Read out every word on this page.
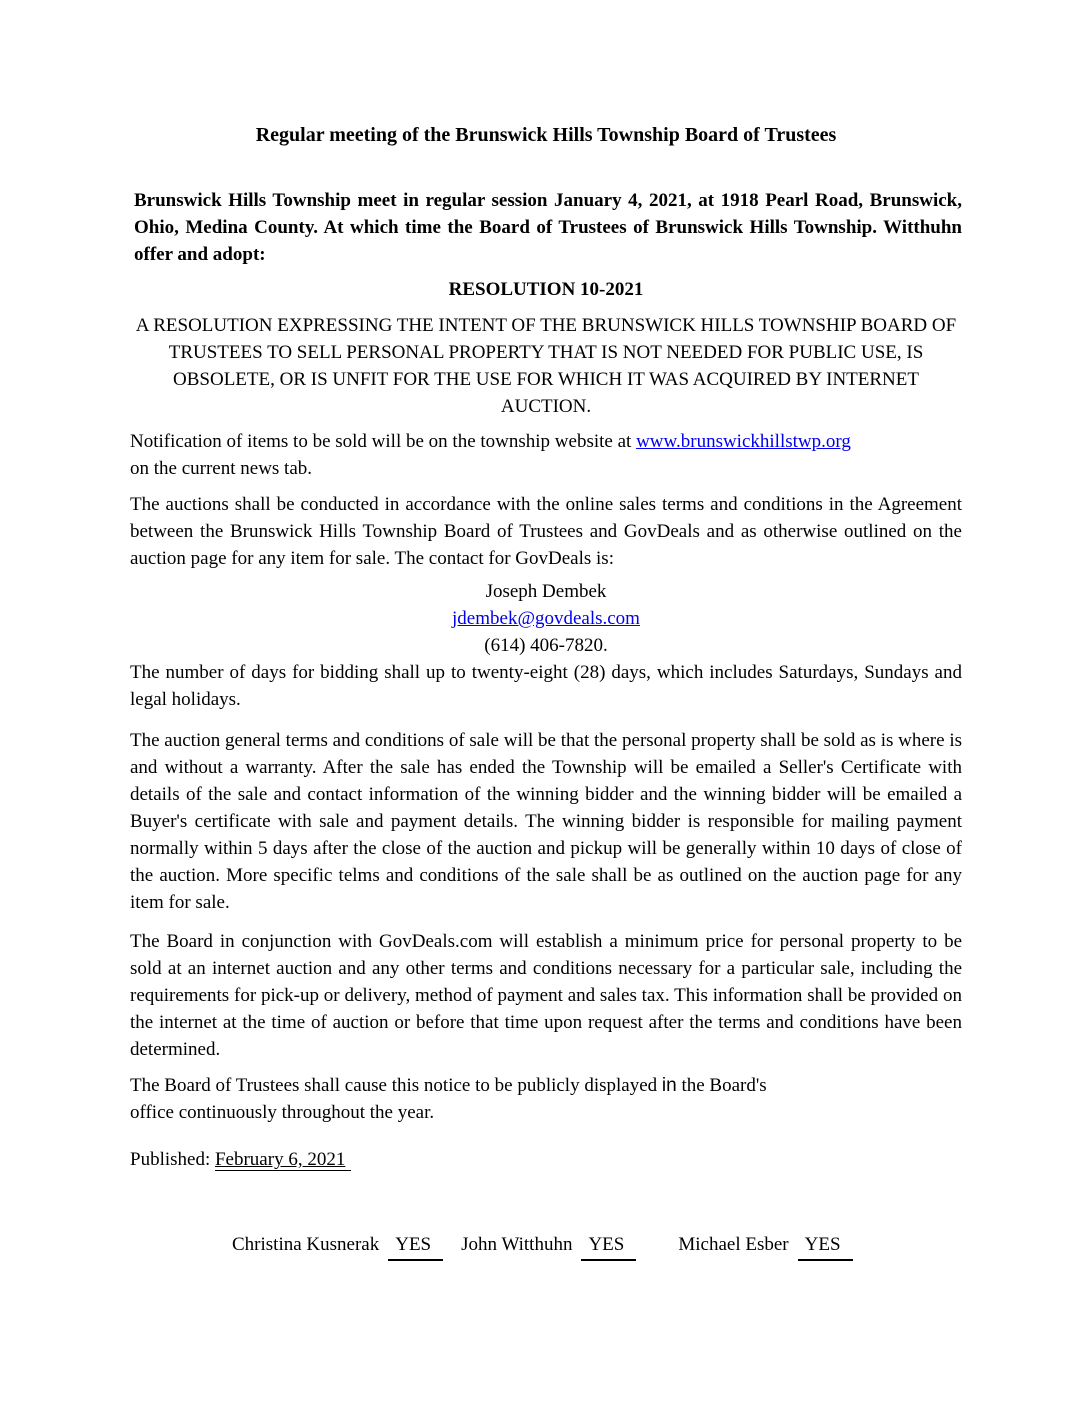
Regular meeting of the Brunswick Hills Township Board of Trustees

Brunswick Hills Township meet in regular session January 4, 2021, at 1918 Pearl Road, Brunswick, Ohio, Medina County. At which time the Board of Trustees of Brunswick Hills Township. Witthuhn offer and adopt:

RESOLUTION 10-2021

A RESOLUTION EXPRESSING THE INTENT OF THE BRUNSWICK HILLS TOWNSHIP BOARD OF TRUSTEES TO SELL PERSONAL PROPERTY THAT IS NOT NEEDED FOR PUBLIC USE, IS OBSOLETE, OR IS UNFIT FOR THE USE FOR WHICH IT WAS ACQUIRED BY INTERNET AUCTION.

Notification of items to be sold will be on the township website at www.brunswickhillstwp.org
on the current news tab.

The auctions shall be conducted in accordance with the online sales terms and conditions in the Agreement between the Brunswick Hills Township Board of Trustees and GovDeals and as otherwise outlined on the auction page for any item for sale. The contact for GovDeals is:

Joseph Dembek
jdembek@govdeals.com
(614) 406-7820.

The number of days for bidding shall up to twenty-eight (28) days, which includes Saturdays, Sundays and legal holidays.

The auction general terms and conditions of sale will be that the personal property shall be sold as is where is and without a warranty. After the sale has ended the Township will be emailed a Seller's Certificate with details of the sale and contact information of the winning bidder and the winning bidder will be emailed a Buyer's certificate with sale and payment details. The winning bidder is responsible for mailing payment normally within 5 days after the close of the auction and pickup will be generally within 10 days of close of the auction. More specific telms and conditions of the sale shall be as outlined on the auction page for any item for sale.

The Board in conjunction with GovDeals.com will establish a minimum price for personal property to be sold at an internet auction and any other terms and conditions necessary for a particular sale, including the requirements for pick-up or delivery, method of payment and sales tax. This information shall be provided on the internet at the time of auction or before that time upon request after the terms and conditions have been determined.

The Board of Trustees shall cause this notice to be publicly displayed in the Board's
office continuously throughout the year.

Published: February 6, 2021

Christina Kusnerak YES	John Witthuhn YES	Michael Esber YES
